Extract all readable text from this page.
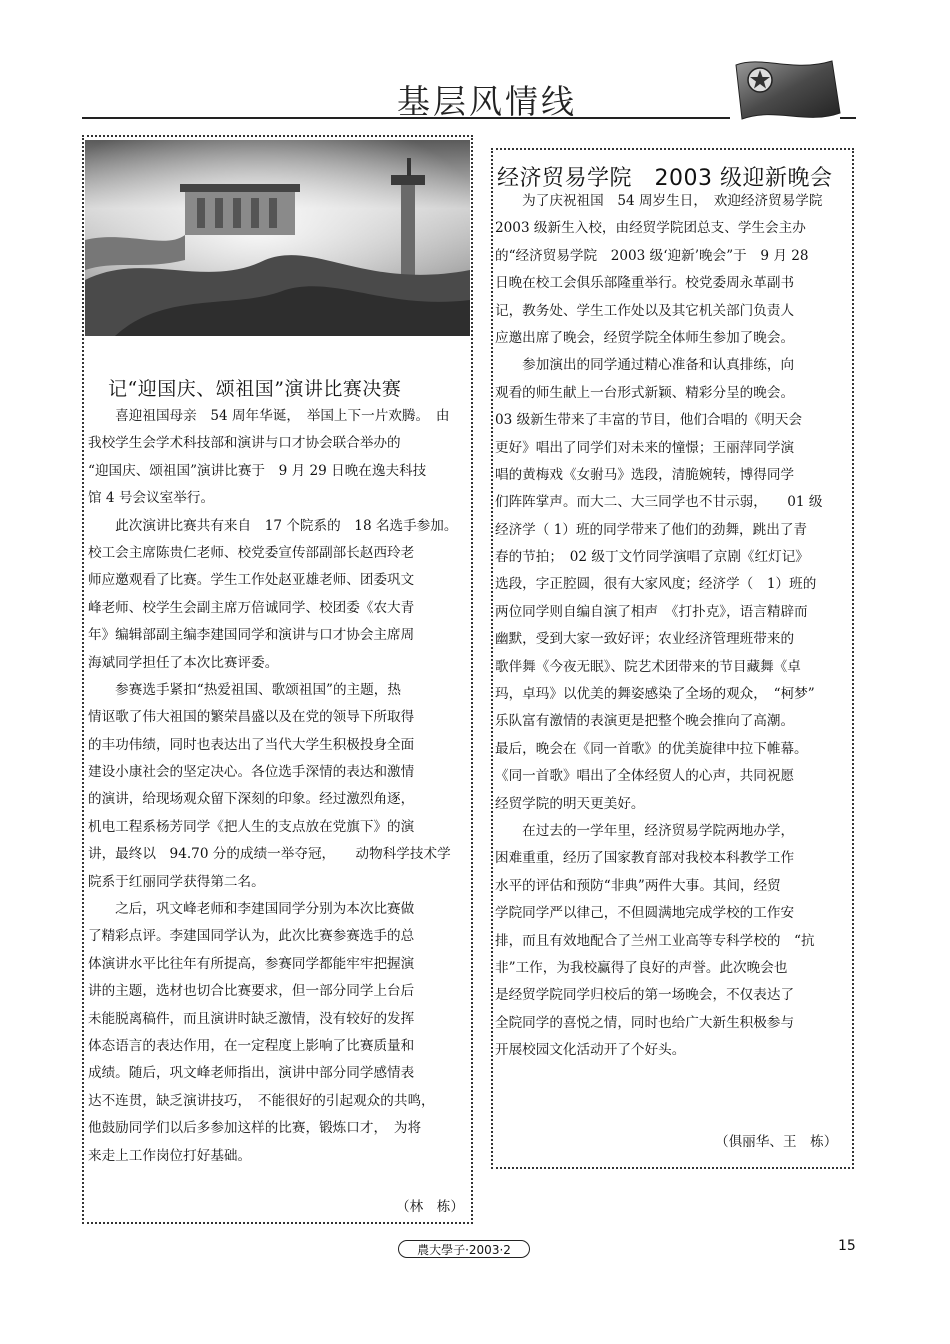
基层风情线
记“迎国庆、颂祖国”演讲比赛决赛
　　喜迎祖国母亲　54 周年华诞，　举国上下一片欢腾。　由
我校学生会学术科技部和演讲与口才协会联合举办的
“迎国庆、颂祖国”演讲比赛于　9 月 29 日晚在逸夫科技
馆 4 号会议室举行。
　　此次演讲比赛共有来自　17 个院系的　18 名选手参加。
校工会主席陈贵仁老师、校党委宣传部副部长赵西玲老
师应邀观看了比赛。学生工作处赵亚雄老师、团委巩文
峰老师、校学生会副主席万倍诚同学、校团委《农大青
年》编辑部副主编李建国同学和演讲与口才协会主席周
海斌同学担任了本次比赛评委。
　　参赛选手紧扣“热爱祖国、歌颂祖国”的主题，热
情讴歌了伟大祖国的繁荣昌盛以及在党的领导下所取得
的丰功伟绩，同时也表达出了当代大学生积极投身全面
建设小康社会的坚定决心。各位选手深情的表达和激情
的演讲，给现场观众留下深刻的印象。经过激烈角逐，
机电工程系杨芳同学《把人生的支点放在党旗下》的演
讲，最终以　94.70 分的成绩一举夺冠，　　动物科学技术学
院系于红丽同学获得第二名。
　　之后，巩文峰老师和李建国同学分别为本次比赛做
了精彩点评。李建国同学认为，此次比赛参赛选手的总
体演讲水平比往年有所提高，参赛同学都能牢牢把握演
讲的主题，选材也切合比赛要求，但一部分同学上台后
未能脱离稿件，而且演讲时缺乏激情，没有较好的发挥
体态语言的表达作用，在一定程度上影响了比赛质量和
成绩。随后，巩文峰老师指出，演讲中部分同学感情表
达不连贯，缺乏演讲技巧，　不能很好的引起观众的共鸣，
他鼓励同学们以后多参加这样的比赛，锻炼口才，　为将
来走上工作岗位打好基础。
（林　栋）
经济贸易学院　2003 级迎新晚会
　　为了庆祝祖国　54 周岁生日，　欢迎经济贸易学院
2003 级新生入校，由经贸学院团总支、学生会主办
的“经济贸易学院　2003 级‘迎新’晚会”于　9 月 28
日晚在校工会俱乐部隆重举行。校党委周永革副书
记，教务处、学生工作处以及其它机关部门负责人
应邀出席了晚会，经贸学院全体师生参加了晚会。
　　参加演出的同学通过精心准备和认真排练，向
观看的师生献上一台形式新颖、精彩分呈的晚会。
03 级新生带来了丰富的节目，他们合唱的《明天会
更好》唱出了同学们对未来的憧憬；王丽萍同学演
唱的黄梅戏《女驸马》选段，清脆婉转，博得同学
们阵阵掌声。而大二、大三同学也不甘示弱，　　01 级
经济学（ 1）班的同学带来了他们的劲舞，跳出了青
春的节拍；　02 级丁文竹同学演唱了京剧《红灯记》
选段，字正腔圆，很有大家风度；经济学（　1）班的
两位同学则自编自演了相声　《打扑克》，语言精辟而
幽默，受到大家一致好评；农业经济管理班带来的
歌伴舞《今夜无眠》、院艺术团带来的节目藏舞《卓
玛，卓玛》以优美的舞姿感染了全场的观众，　“柯梦”
乐队富有激情的表演更是把整个晚会推向了高潮。
最后，晚会在《同一首歌》的优美旋律中拉下帷幕。
《同一首歌》唱出了全体经贸人的心声，共同祝愿
经贸学院的明天更美好。
　　在过去的一学年里，经济贸易学院两地办学，
困难重重，经历了国家教育部对我校本科教学工作
水平的评估和预防“非典”两件大事。其间，经贸
学院同学严以律己，不但圆满地完成学校的工作安
排，而且有效地配合了兰州工业高等专科学校的　“抗
非”工作，为我校赢得了良好的声誉。此次晚会也
是经贸学院同学归校后的第一场晚会，不仅表达了
全院同学的喜悦之情，同时也给广大新生积极参与
开展校园文化活动开了个好头。
（俱丽华、王　栋）
農大學子·2003·2	15
